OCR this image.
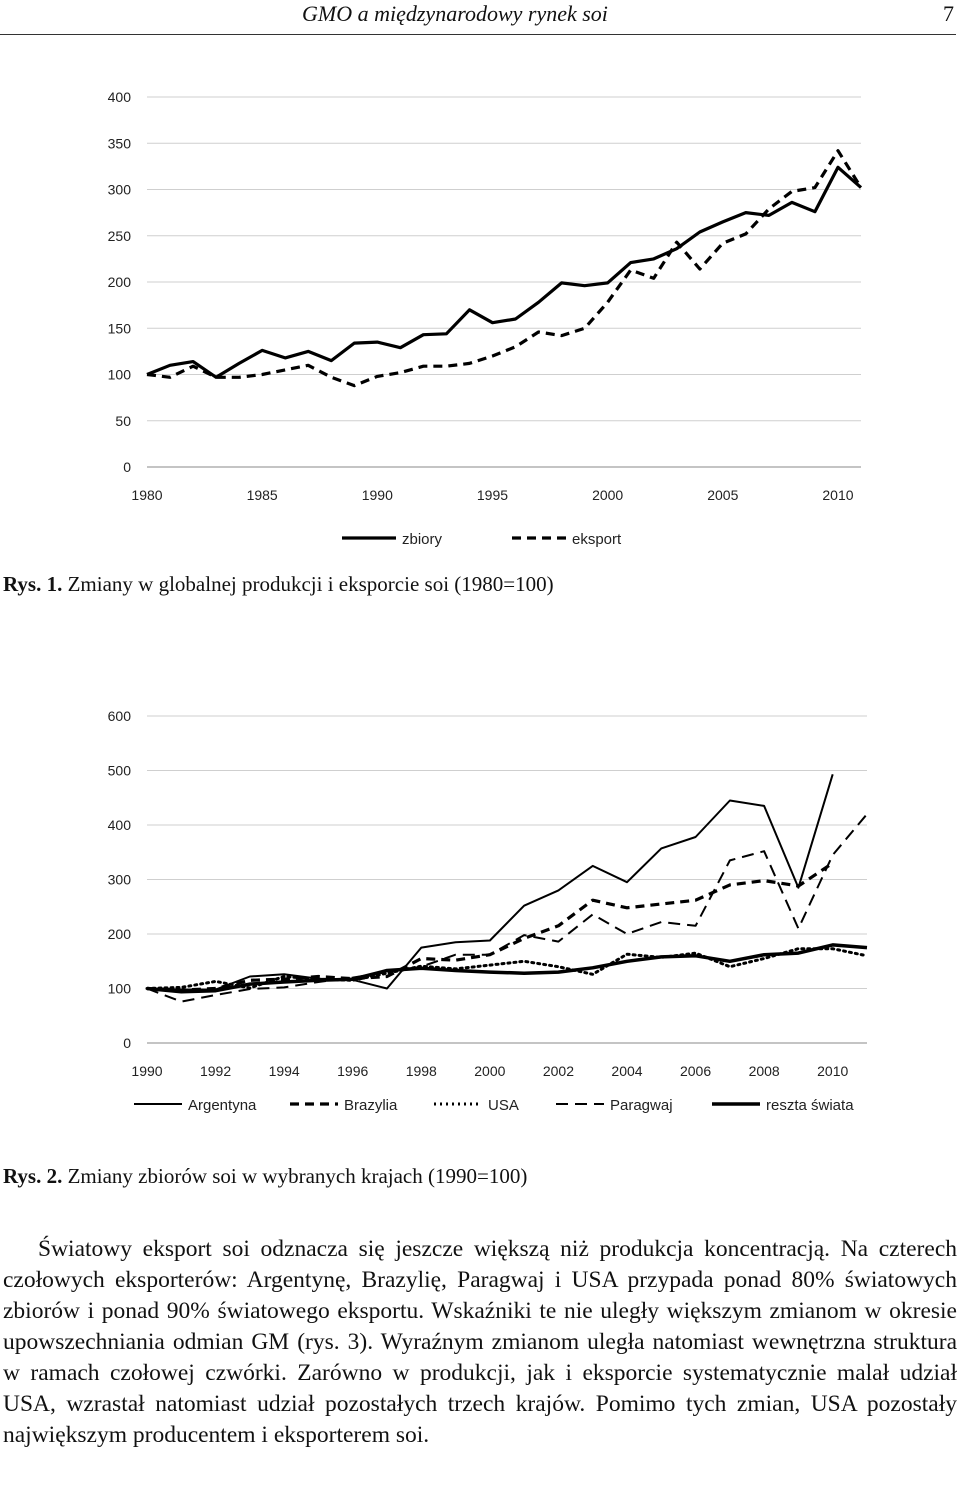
GMO a międzynarodowy rynek soi	7
0
50
100
150
200
250
300
350
400
1980	1985	1990	1995	2000	2005	2010
zbiory	eksport
Rys. 1. Zmiany w globalnej produkcji i eksporcie soi (1980=100)
0
100
200
300
400
500
600
1990	1992	1994	1996	1998	2000	2002	2004	2006	2008	2010
Argentyna	Brazylia	USA	Paragwaj	reszta świata
Rys. 2. Zmiany zbiorów soi w wybranych krajach (1990=100)

Światowy eksport soi odznacza się jeszcze większą niż produkcja koncentracją. Na czterech czołowych eksporterów: Argentynę, Brazylię, Paragwaj i USA przypada ponad 80% światowych zbiorów i ponad 90% światowego eksportu. Wskaźniki te nie uległy większym zmianom w okresie upowszechniania odmian GM (rys. 3). Wyraźnym zmianom uległa natomiast wewnętrzna struktura w ramach czołowej czwórki. Zarówno w produkcji, jak i eksporcie systematycznie malał udział USA, wzrastał natomiast udział pozostałych trzech krajów. Pomimo tych zmian, USA pozostały największym producentem i eksporterem soi.
